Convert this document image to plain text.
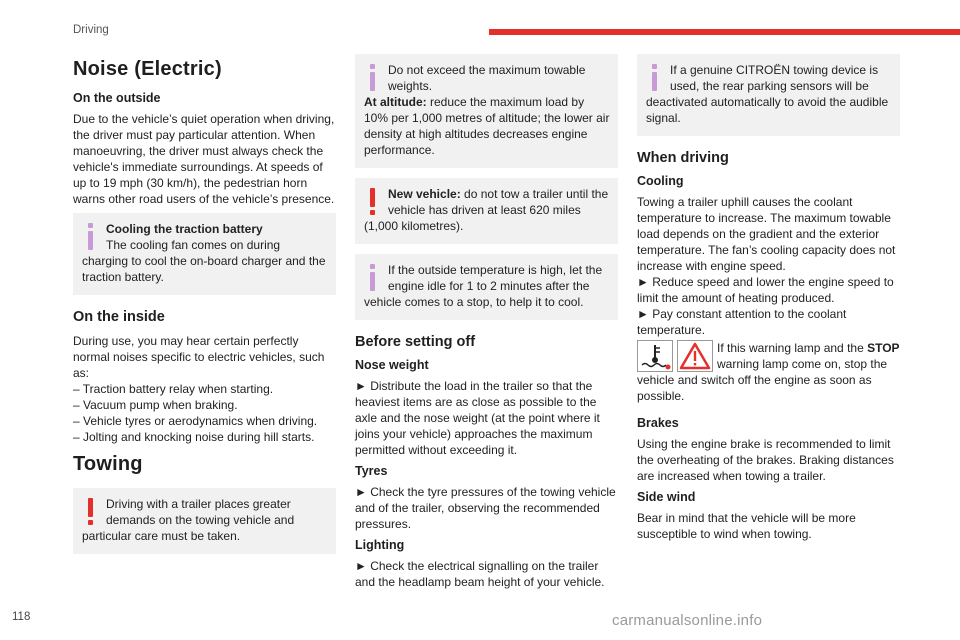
Driving
Noise (Electric)
On the outside

Due to the vehicle’s quiet operation when driving, the driver must pay particular attention. When manoeuvring, the driver must always check the vehicle's immediate surroundings. At speeds of up to 19 mph (30 km/h), the pedestrian horn warns other road users of the vehicle’s presence.

Cooling the traction battery
The cooling fan comes on during charging to cool the on-board charger and the traction battery.

On the inside

During use, you may hear certain perfectly normal noises specific to electric vehicles, such as:

– Traction battery relay when starting.

– Vacuum pump when braking.

– Vehicle tyres or aerodynamics when driving.

– Jolting and knocking noise during hill starts.

Towing

Driving with a trailer places greater demands on the towing vehicle and particular care must be taken.

Do not exceed the maximum towable weights.
At altitude: reduce the maximum load by 10% per 1,000 metres of altitude; the lower air density at high altitudes decreases engine performance.

New vehicle: do not tow a trailer until the vehicle has driven at least 620 miles (1,000 kilometres).

If the outside temperature is high, let the engine idle for 1 to 2 minutes after the vehicle comes to a stop, to help it to cool.

Before setting off
Nose weight

► Distribute the load in the trailer so that the heaviest items are as close as possible to the axle and the nose weight (at the point where it joins your vehicle) approaches the maximum permitted without exceeding it.

Tyres

► Check the tyre pressures of the towing vehicle and of the trailer, observing the recommended pressures.

Lighting

► Check the electrical signalling on the trailer and the headlamp beam height of your vehicle.

If a genuine CITROËN towing device is used, the rear parking sensors will be deactivated automatically to avoid the audible signal.

When driving
Cooling

Towing a trailer uphill causes the coolant temperature to increase. The maximum towable load depends on the gradient and the exterior temperature. The fan’s cooling capacity does not increase with engine speed.

► Reduce speed and lower the engine speed to limit the amount of heating produced.

► Pay constant attention to the coolant temperature.

If this warning lamp and the STOP warning lamp come on, stop the vehicle and switch off the engine as soon as possible.

Brakes

Using the engine brake is recommended to limit the overheating of the brakes. Braking distances are increased when towing a trailer.

Side wind

Bear in mind that the vehicle will be more susceptible to wind when towing.

118	carmanualsonline.info
